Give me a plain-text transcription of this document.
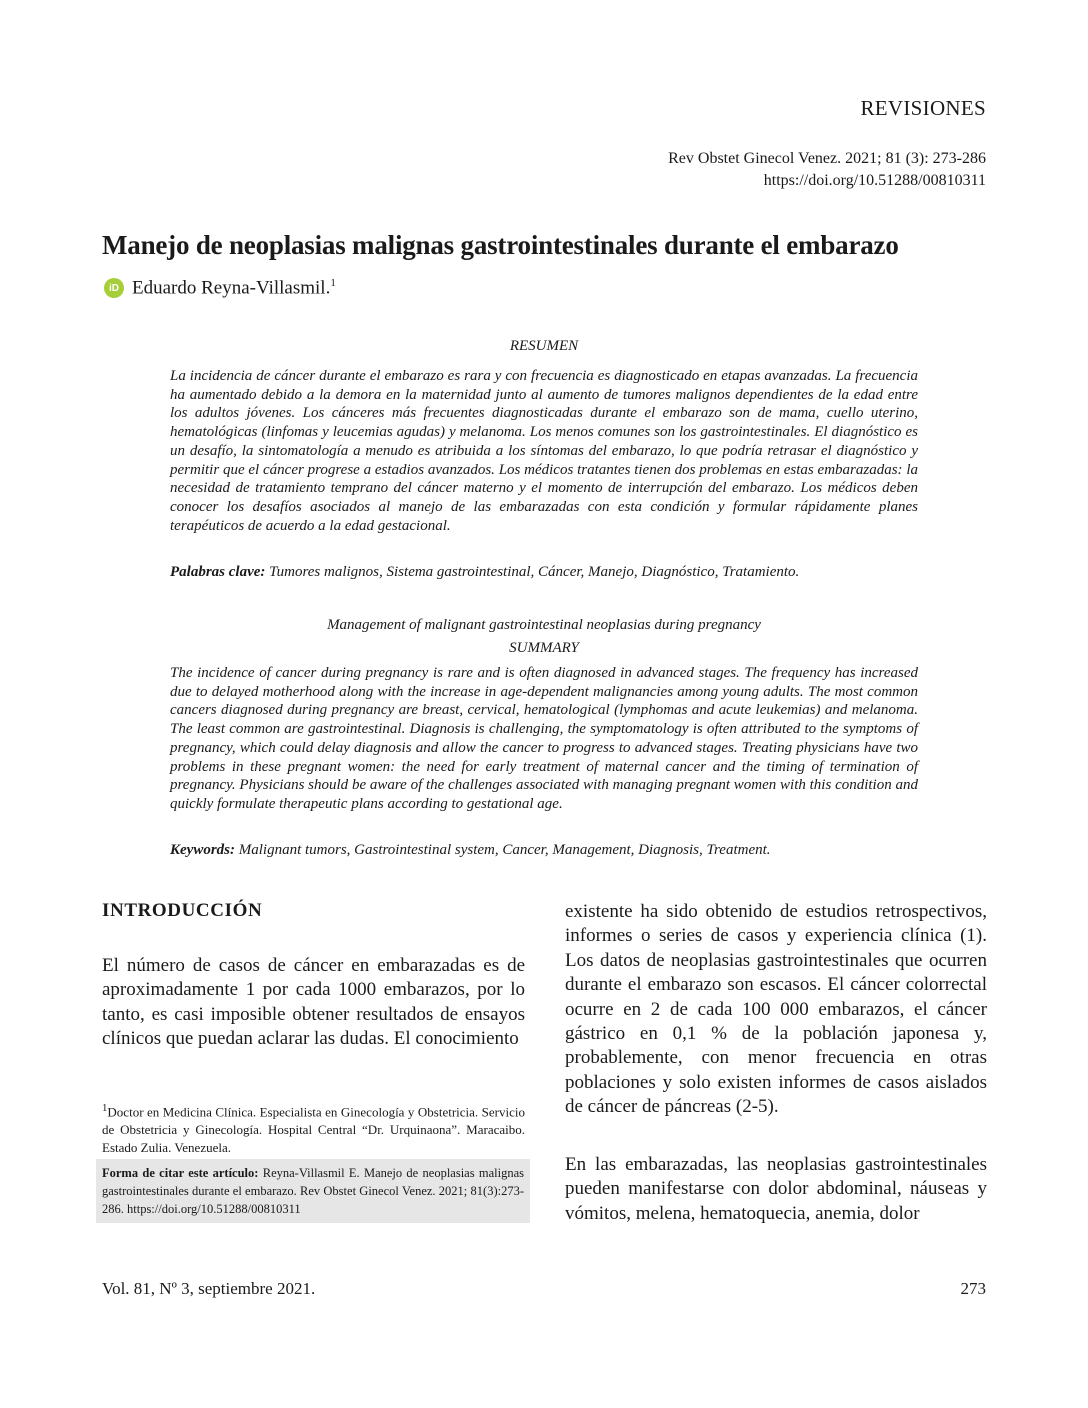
REVISIONES
Rev Obstet Ginecol Venez. 2021; 81 (3): 273-286
https://doi.org/10.51288/00810311
Manejo de neoplasias malignas gastrointestinales durante el embarazo
iD Eduardo Reyna-Villasmil.$^1$
RESUMEN
La incidencia de cáncer durante el embarazo es rara y con frecuencia es diagnosticado en etapas avanzadas. La frecuencia ha aumentado debido a la demora en la maternidad junto al aumento de tumores malignos dependientes de la edad entre los adultos jóvenes. Los cánceres más frecuentes diagnosticadas durante el embarazo son de mama, cuello uterino, hematológicas (linfomas y leucemias agudas) y melanoma. Los menos comunes son los gastrointestinales. El diagnóstico es un desafío, la sintomatología a menudo es atribuida a los síntomas del embarazo, lo que podría retrasar el diagnóstico y permitir que el cáncer progrese a estadios avanzados. Los médicos tratantes tienen dos problemas en estas embarazadas: la necesidad de tratamiento temprano del cáncer materno y el momento de interrupción del embarazo. Los médicos deben conocer los desafíos asociados al manejo de las embarazadas con esta condición y formular rápidamente planes terapéuticos de acuerdo a la edad gestacional.
Palabras clave: Tumores malignos, Sistema gastrointestinal, Cáncer, Manejo, Diagnóstico, Tratamiento.
Management of malignant gastrointestinal neoplasias during pregnancy
SUMMARY
The incidence of cancer during pregnancy is rare and is often diagnosed in advanced stages. The frequency has increased due to delayed motherhood along with the increase in age-dependent malignancies among young adults. The most common cancers diagnosed during pregnancy are breast, cervical, hematological (lymphomas and acute leukemias) and melanoma. The least common are gastrointestinal. Diagnosis is challenging, the symptomatology is often attributed to the symptoms of pregnancy, which could delay diagnosis and allow the cancer to progress to advanced stages. Treating physicians have two problems in these pregnant women: the need for early treatment of maternal cancer and the timing of termination of pregnancy. Physicians should be aware of the challenges associated with managing pregnant women with this condition and quickly formulate therapeutic plans according to gestational age.
Keywords: Malignant tumors, Gastrointestinal system, Cancer, Management, Diagnosis, Treatment.
INTRODUCCIÓN
El número de casos de cáncer en embarazadas es de aproximadamente 1 por cada 1000 embarazos, por lo tanto, es casi imposible obtener resultados de ensayos clínicos que puedan aclarar las dudas. El conocimiento
$^1$Doctor en Medicina Clínica. Especialista en Ginecología y Obstetricia. Servicio de Obstetricia y Ginecología. Hospital Central “Dr. Urquinaona”. Maracaibo. Estado Zulia. Venezuela.
Forma de citar este artículo: Reyna-Villasmil E. Manejo de neoplasias malignas gastrointestinales durante el embarazo. Rev Obstet Ginecol Venez. 2021; 81(3):273-286. https://doi.org/10.51288/00810311
existente ha sido obtenido de estudios retrospectivos, informes o series de casos y experiencia clínica (1). Los datos de neoplasias gastrointestinales que ocurren durante el embarazo son escasos. El cáncer colorrectal ocurre en 2 de cada 100 000 embarazos, el cáncer gástrico en 0,1 % de la población japonesa y, probablemente, con menor frecuencia en otras poblaciones y solo existen informes de casos aislados de cáncer de páncreas (2-5).
En las embarazadas, las neoplasias gastrointestinales pueden manifestarse con dolor abdominal, náuseas y vómitos, melena, hematoquecia, anemia, dolor
Vol. 81, Nº 3, septiembre 2021.	273
